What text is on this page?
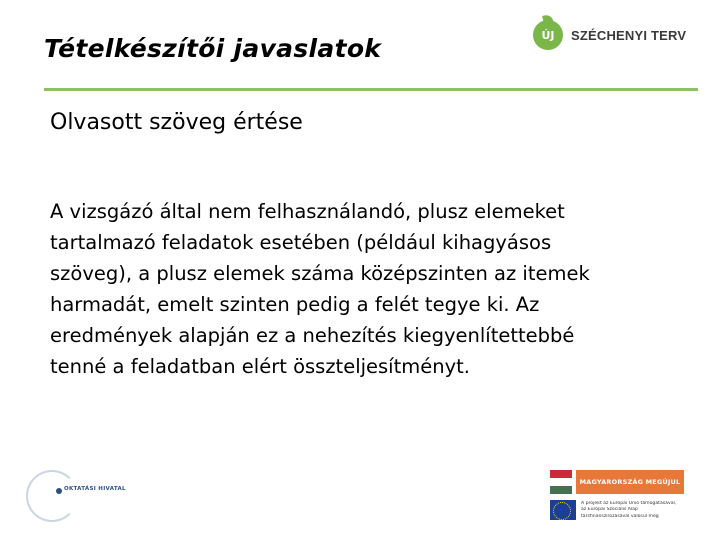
Tételkészítői javaslatok	ÚJ	SZÉCHENYI TERV
Olvasott szöveg értése
A vizsgázó által nem felhasználandó, plusz elemeket
tartalmazó feladatok esetében (például kihagyásos
szöveg), a plusz elemek száma középszinten az itemek
harmadát, emelt szinten pedig a felét tegye ki. Az
eredmények alapján ez a nehezítés kiegyenlítettebbé
tenné a feladatban elért összteljesítményt.
OKTATÁSI HIVATAL
MAGYARORSZÁG MEGÚJUL
A projekt az Európai Unió támogatásával,
az Európai Szociális Alap
társfinanszírozásával valósul meg
